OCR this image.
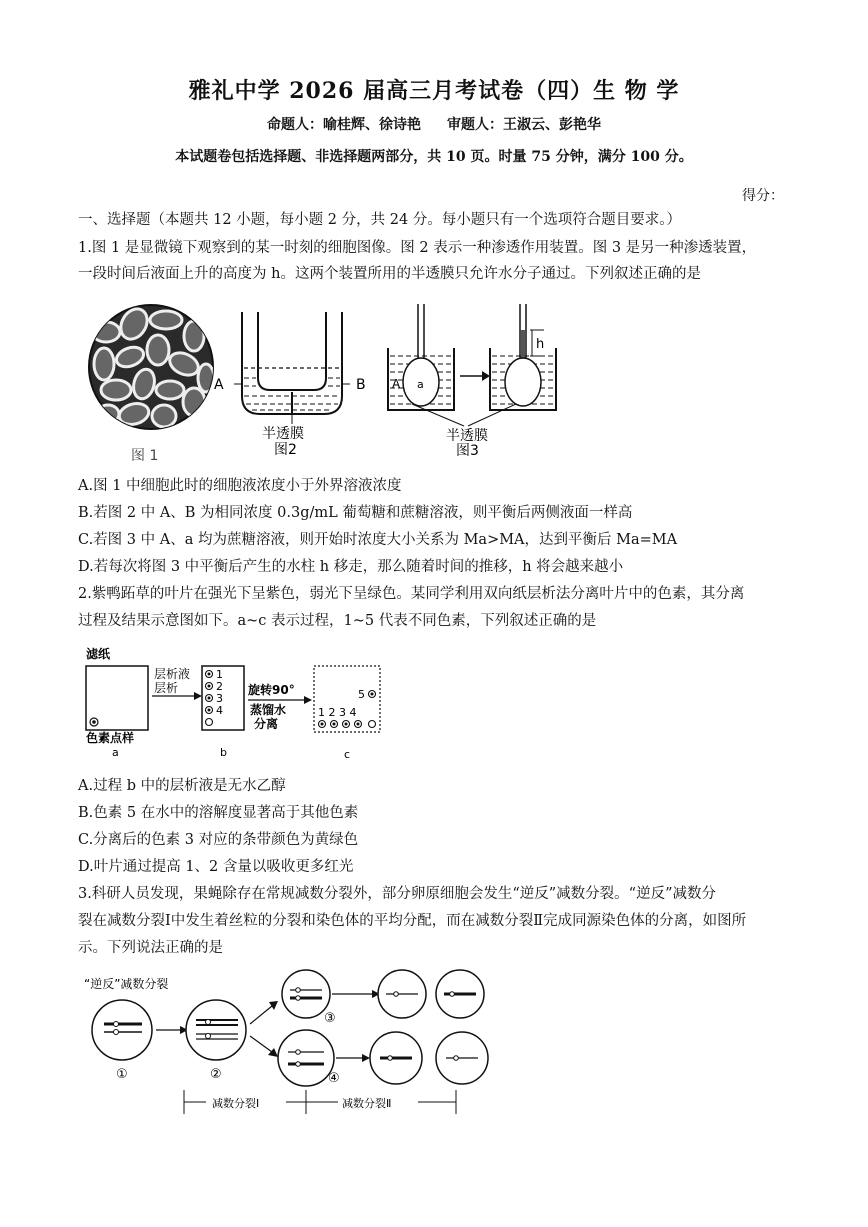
雅礼中学 2026 届高三月考试卷（四）生 物 学
命题人：喻桂辉、徐诗艳 审题人：王淑云、彭艳华
本试题卷包括选择题、非选择题两部分，共 10 页。时量 75 分钟，满分 100 分。
得分：
一、选择题（本题共 12 小题，每小题 2 分，共 24 分。每小题只有一个选项符合题目要求。）
1.图 1 是显微镜下观察到的某一时刻的细胞图像。图 2 表示一种渗透作用装置。图 3 是另一种渗透装置，
一段时间后液面上升的高度为 h。这两个装置所用的半透膜只允许水分子通过。下列叙述正确的是
图 1
A	B
半透膜
图2
A a
h
半透膜
图3
A.图 1 中细胞此时的细胞液浓度小于外界溶液浓度
B.若图 2 中 A、B 为相同浓度 0.3g/mL 葡萄糖和蔗糖溶液，则平衡后两侧液面一样高
C.若图 3 中 A、a 均为蔗糖溶液，则开始时浓度大小关系为 Ma>MA，达到平衡后 Ma=MA
D.若每次将图 3 中平衡后产生的水柱 h 移走，那么随着时间的推移，h 将会越来越小
2.紫鸭跖草的叶片在强光下呈紫色，弱光下呈绿色。某同学利用双向纸层析法分离叶片中的色素，其分离
过程及结果示意图如下。a~c 表示过程，1~5 代表不同色素，下列叙述正确的是
滤纸
色素点样
a
层析液
层析
1
2
3
4
b
旋转90°
蒸馏水
分离
5
1 2 3 4
c
A.过程 b 中的层析液是无水乙醇
B.色素 5 在水中的溶解度显著高于其他色素
C.分离后的色素 3 对应的条带颜色为黄绿色
D.叶片通过提高 1、2 含量以吸收更多红光
3.科研人员发现，果蝇除存在常规减数分裂外，部分卵原细胞会发生“逆反”减数分裂。“逆反”减数分
裂在减数分裂Ⅰ中发生着丝粒的分裂和染色体的平均分配，而在减数分裂Ⅱ完成同源染色体的分离，如图所
示。下列说法正确的是
“逆反”减数分裂
①	②
③
④
减数分裂Ⅰ	减数分裂Ⅱ
